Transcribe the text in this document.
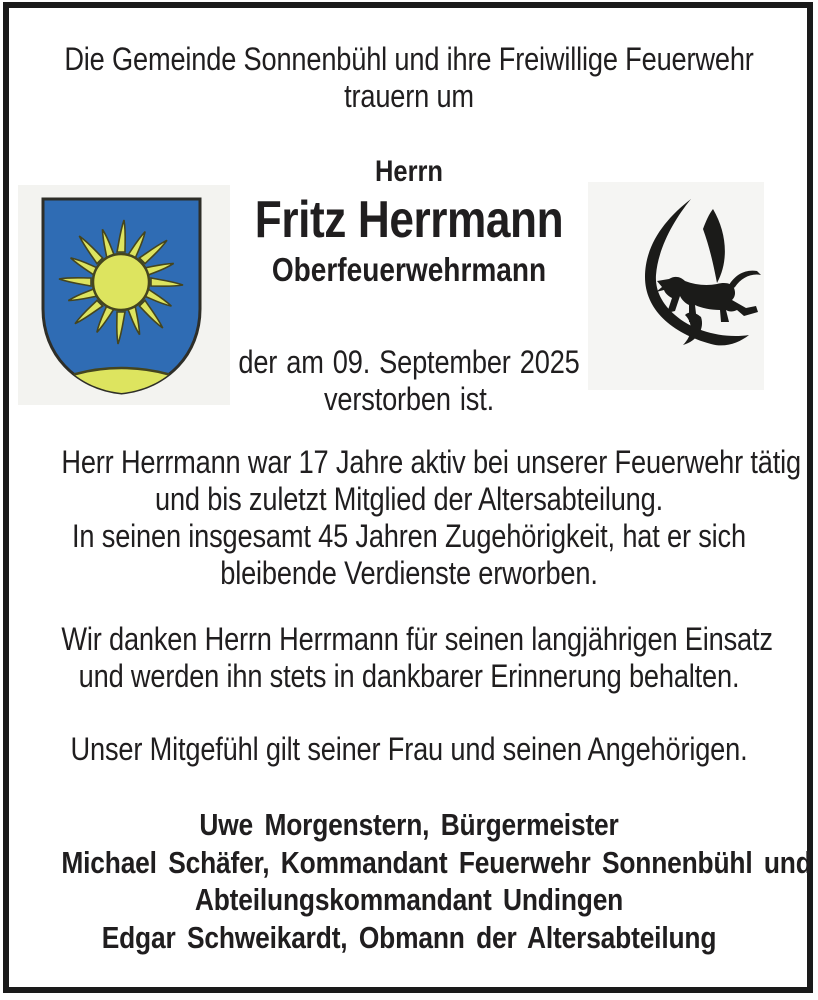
Die Gemeinde Sonnenbühl und ihre Freiwillige Feuerwehr
trauern um
Herrn
Fritz Herrmann
Oberfeuerwehrmann
der am 09. September 2025
verstorben ist.
Herr Herrmann war 17 Jahre aktiv bei unserer Feuerwehr tätig
und bis zuletzt Mitglied der Altersabteilung.
In seinen insgesamt 45 Jahren Zugehörigkeit, hat er sich
bleibende Verdienste erworben.
Wir danken Herrn Herrmann für seinen langjährigen Einsatz
und werden ihn stets in dankbarer Erinnerung behalten.
Unser Mitgefühl gilt seiner Frau und seinen Angehörigen.
Uwe Morgenstern, Bürgermeister
Michael Schäfer, Kommandant Feuerwehr Sonnenbühl und
Abteilungskommandant Undingen
Edgar Schweikardt, Obmann der Altersabteilung
